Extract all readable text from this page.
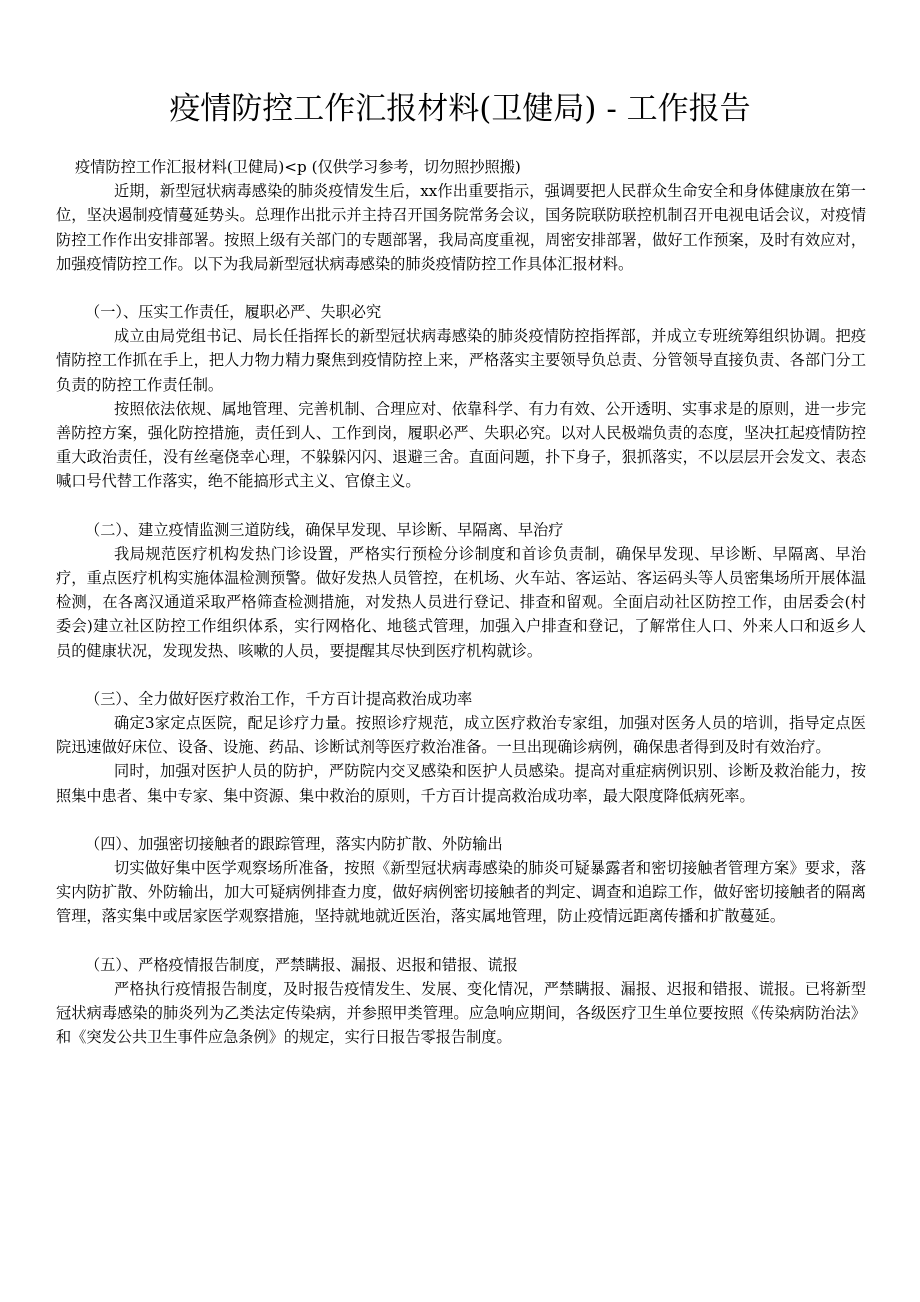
疫情防控工作汇报材料(卫健局) - 工作报告

疫情防控工作汇报材料(卫健局)<p (仅供学习参考，切勿照抄照搬)

近期，新型冠状病毒感染的肺炎疫情发生后，xx作出重要指示，强调要把人民群众生命安全和身体健康放在第一位，坚决遏制疫情蔓延势头。总理作出批示并主持召开国务院常务会议，国务院联防联控机制召开电视电话会议，对疫情防控工作作出安排部署。按照上级有关部门的专题部署，我局高度重视，周密安排部署，做好工作预案，及时有效应对，加强疫情防控工作。以下为我局新型冠状病毒感染的肺炎疫情防控工作具体汇报材料。

（一）、压实工作责任，履职必严、失职必究

成立由局党组书记、局长任指挥长的新型冠状病毒感染的肺炎疫情防控指挥部，并成立专班统筹组织协调。把疫情防控工作抓在手上，把人力物力精力聚焦到疫情防控上来，严格落实主要领导负总责、分管领导直接负责、各部门分工负责的防控工作责任制。

按照依法依规、属地管理、完善机制、合理应对、依靠科学、有力有效、公开透明、实事求是的原则，进一步完善防控方案，强化防控措施，责任到人、工作到岗，履职必严、失职必究。以对人民极端负责的态度，坚决扛起疫情防控重大政治责任，没有丝毫侥幸心理，不躲躲闪闪、退避三舍。直面问题，扑下身子，狠抓落实，不以层层开会发文、表态喊口号代替工作落实，绝不能搞形式主义、官僚主义。

（二）、建立疫情监测三道防线，确保早发现、早诊断、早隔离、早治疗

我局规范医疗机构发热门诊设置，严格实行预检分诊制度和首诊负责制，确保早发现、早诊断、早隔离、早治疗，重点医疗机构实施体温检测预警。做好发热人员管控，在机场、火车站、客运站、客运码头等人员密集场所开展体温检测，在各离汉通道采取严格筛查检测措施，对发热人员进行登记、排查和留观。全面启动社区防控工作，由居委会(村委会)建立社区防控工作组织体系，实行网格化、地毯式管理，加强入户排查和登记，了解常住人口、外来人口和返乡人员的健康状况，发现发热、咳嗽的人员，要提醒其尽快到医疗机构就诊。

（三）、全力做好医疗救治工作，千方百计提高救治成功率

确定3家定点医院，配足诊疗力量。按照诊疗规范，成立医疗救治专家组，加强对医务人员的培训，指导定点医院迅速做好床位、设备、设施、药品、诊断试剂等医疗救治准备。一旦出现确诊病例，确保患者得到及时有效治疗。

同时，加强对医护人员的防护，严防院内交叉感染和医护人员感染。提高对重症病例识别、诊断及救治能力，按照集中患者、集中专家、集中资源、集中救治的原则，千方百计提高救治成功率，最大限度降低病死率。

（四）、加强密切接触者的跟踪管理，落实内防扩散、外防输出

切实做好集中医学观察场所准备，按照《新型冠状病毒感染的肺炎可疑暴露者和密切接触者管理方案》要求，落实内防扩散、外防输出，加大可疑病例排查力度，做好病例密切接触者的判定、调查和追踪工作，做好密切接触者的隔离管理，落实集中或居家医学观察措施，坚持就地就近医治，落实属地管理，防止疫情远距离传播和扩散蔓延。

（五）、严格疫情报告制度，严禁瞒报、漏报、迟报和错报、谎报

严格执行疫情报告制度，及时报告疫情发生、发展、变化情况，严禁瞒报、漏报、迟报和错报、谎报。已将新型冠状病毒感染的肺炎列为乙类法定传染病，并参照甲类管理。应急响应期间，各级医疗卫生单位要按照《传染病防治法》和《突发公共卫生事件应急条例》的规定，实行日报告零报告制度。
